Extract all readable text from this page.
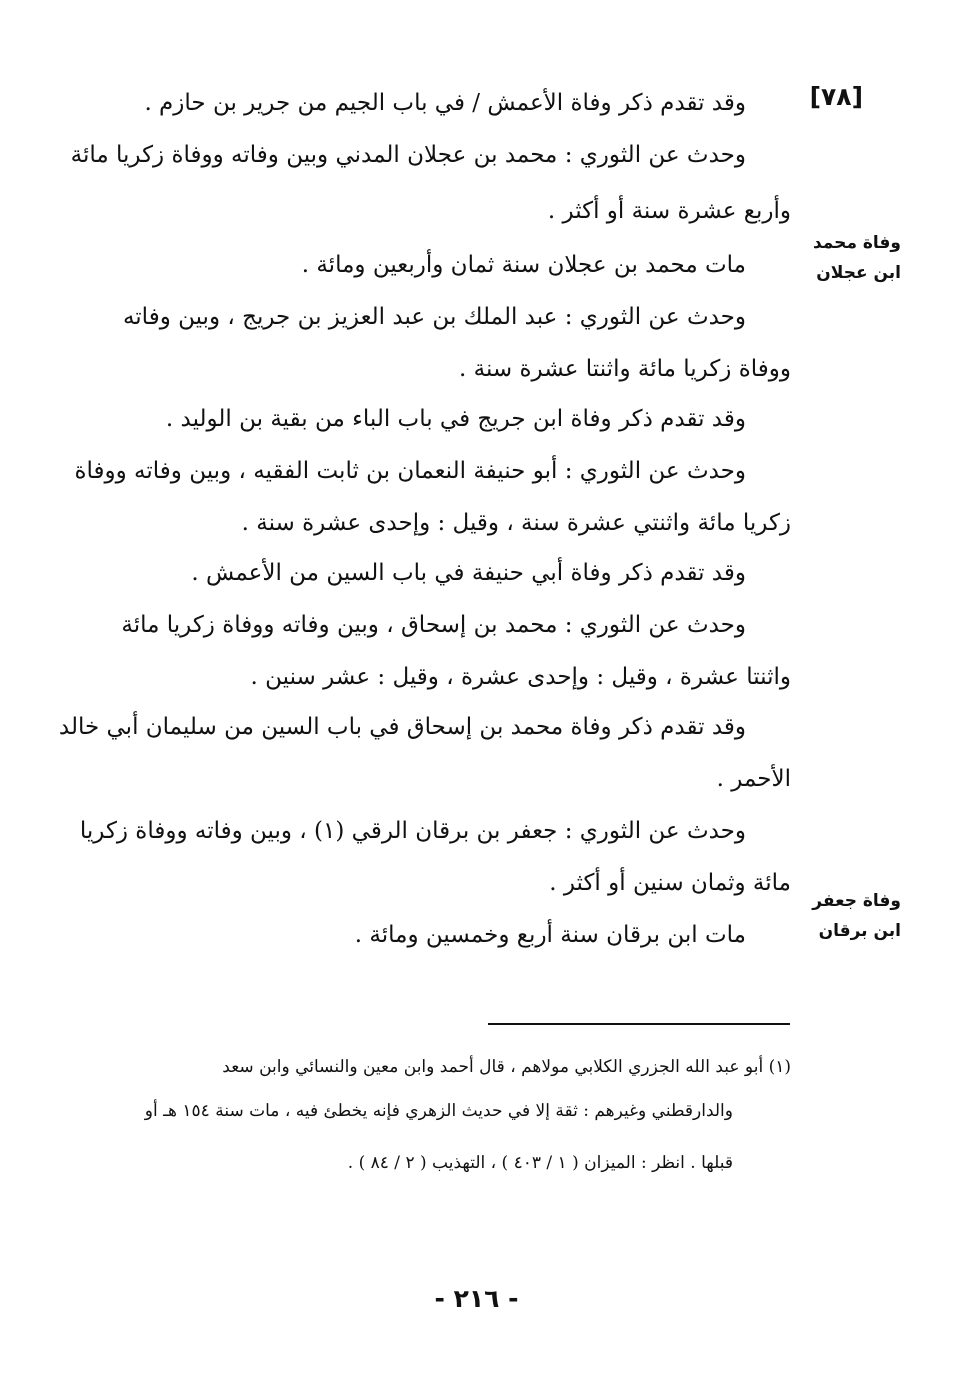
[٧٨]
وفاة محمد
ابن عجلان
وفاة جعفر
ابن برقان
وقد تقدم ذكر وفاة الأعمش / في باب الجيم من جرير بن حازم .
وحدث عن الثوري : محمد بن عجلان المدني وبين وفاته ووفاة زكريا مائة
وأربع عشرة سنة أو أكثر .
مات محمد بن عجلان سنة ثمان وأربعين ومائة .
وحدث عن الثوري : عبد الملك بن عبد العزيز بن جريج ، وبين وفاته
ووفاة زكريا مائة واثنتا عشرة سنة .
وقد تقدم ذكر وفاة ابن جريج في باب الباء من بقية بن الوليد .
وحدث عن الثوري : أبو حنيفة النعمان بن ثابت الفقيه ، وبين وفاته ووفاة
زكريا مائة واثنتي عشرة سنة ، وقيل : وإحدى عشرة سنة .
وقد تقدم ذكر وفاة أبي حنيفة في باب السين من الأعمش .
وحدث عن الثوري : محمد بن إسحاق ، وبين وفاته ووفاة زكريا مائة
واثنتا عشرة ، وقيل : وإحدى عشرة ، وقيل : عشر سنين .
وقد تقدم ذكر وفاة محمد بن إسحاق في باب السين من سليمان أبي خالد
الأحمر .
وحدث عن الثوري : جعفر بن برقان الرقي (١) ، وبين وفاته ووفاة زكريا
مائة وثمان سنين أو أكثر .
مات ابن برقان سنة أربع وخمسين ومائة .
(١) أبو عبد الله الجزري الكلابي مولاهم ، قال أحمد وابن معين والنسائي وابن سعد
والدارقطني وغيرهم : ثقة إلا في حديث الزهري فإنه يخطئ فيه ، مات سنة ١٥٤ هـ أو
قبلها . انظر : الميزان ( ١ / ٤٠٣ ) ، التهذيب ( ٢ / ٨٤ ) .
- ٢١٦ -
